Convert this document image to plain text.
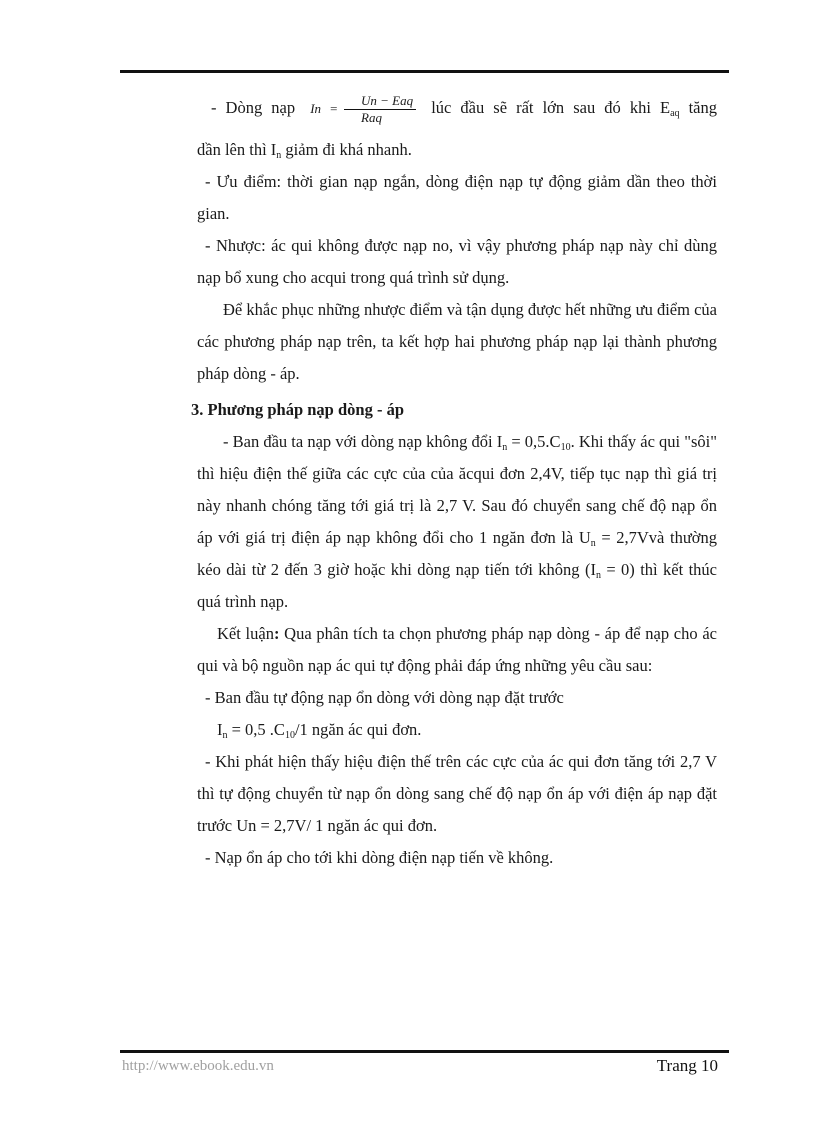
- Dòng nạp $In = \frac{\text{Un − Eaq}}{\text{Raq}}$ lúc đầu sẽ rất lớn sau đó khi $E_{aq}$ tăng

dần lên thì $I_n$ giảm đi khá nhanh.

- Ưu điểm: thời gian nạp ngắn, dòng điện nạp tự động giảm dần theo thời gian.

- Nhược: ác qui không được nạp no, vì vậy phương pháp nạp này chỉ dùng nạp bổ xung cho acqui trong quá trình sử dụng.

Để khắc phục những nhược điểm và tận dụng được hết những ưu điểm của các phương pháp nạp trên, ta kết hợp hai phương pháp nạp lại thành phương pháp dòng - áp.

3. Phương pháp nạp dòng - áp

- Ban đầu ta nạp với dòng nạp không đổi $I_n = 0,5.C_{10}$. Khi thấy ác qui "sôi" thì hiệu điện thế giữa các cực của của ăcqui đơn 2,4V, tiếp tục nạp thì giá trị này nhanh chóng tăng tới giá trị là 2,7 V. Sau đó chuyển sang chế độ nạp ổn áp với giá trị điện áp nạp không đổi cho 1 ngăn đơn là $U_n$ = 2,7Vvà thường kéo dài từ 2 đến 3 giờ hoặc khi dòng nạp tiến tới không $(I_n = 0)$ thì kết thúc quá trình nạp.

Kết luận: Qua phân tích ta chọn phương pháp nạp dòng - áp để nạp cho ác qui và bộ nguồn nạp ác qui tự động phải đáp ứng những yêu cầu sau:

- Ban đầu tự động nạp ổn dòng với dòng nạp đặt trước

$I_n = 0,5$ $.C_{10}/1$ ngăn ác qui đơn.

- Khi phát hiện thấy hiệu điện thế trên các cực của ác qui đơn tăng tới 2,7 V thì tự động chuyển từ nạp ổn dòng sang chế độ nạp ổn áp với điện áp nạp đặt trước Un = 2,7V/ 1 ngăn ác qui đơn.

- Nạp ổn áp cho tới khi dòng điện nạp tiến về không.

http://www.ebook.edu.vn	Trang 10
